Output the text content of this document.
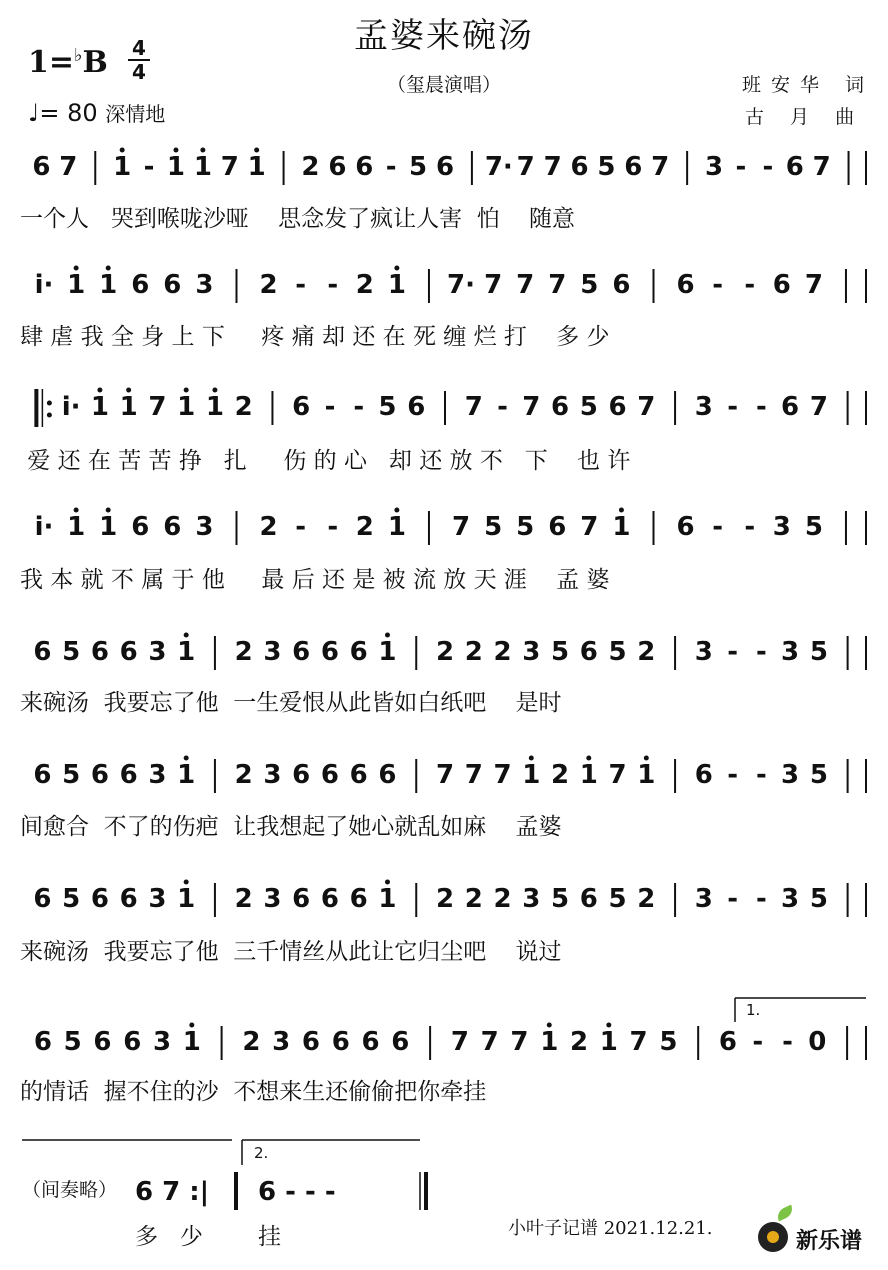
孟婆来碗汤
（玺晨演唱）	班安华 词
古 月 曲
1=♭B 4
4
♩= 80 深情地
6 7 1 - 1 1 7 1 2 6 6 - 5 6 7· 7 7 6 5 6 7 3 - - 6 7
i· 1 1 6 6 3 2 - - 2 1 7· 7 7 7 5 6 6 - - 6 7
i· 1 1 7 1 1 2 6 - - 5 6 7 - 7 6 5 6 7 3 - - 6 7
i· 1 1 6 6 3 2 - - 2 1 7 5 5 6 7 1 6 - - 3 5
6 5 6 6 3 1 2 3 6 6 6 1 2 2 2 3 5 6 5 2 3 - - 3 5
6 5 6 6 3 1 2 3 6 6 6 6 7 7 7 1 2 1 7 1 6 - - 3 5
6 5 6 6 3 1 2 3 6 6 6 1 2 2 2 3 5 6 5 2 3 - - 3 5
6 5 6 6 3 1 2 3 6 6 6 6 7 7 7 1 2 1 7 5 6 - - 0
2.
6 7 :| 6 - - -
1.
一个人   哭到喉咙沙哑    思念发了疯让人害  怕    随意
肆 虐 我 全 身 上 下     疼 痛 却 还 在 死 缠 烂 打    多 少
爱 还 在 苦 苦 挣   扎     伤 的 心   却 还 放 不   下    也 许
我 本 就 不 属 于 他     最 后 还 是 被 流 放 天 涯    孟 婆
来碗汤  我要忘了他  一生爱恨从此皆如白纸吧    是时
间愈合  不了的伤疤  让我想起了她心就乱如麻    孟婆
来碗汤  我要忘了他  三千情丝从此让它归尘吧    说过
的情话  握不住的沙  不想来生还偷偷把你牵挂
（间奏略）
多   少	挂	小叶子记谱 2021.12.21.
新乐谱
